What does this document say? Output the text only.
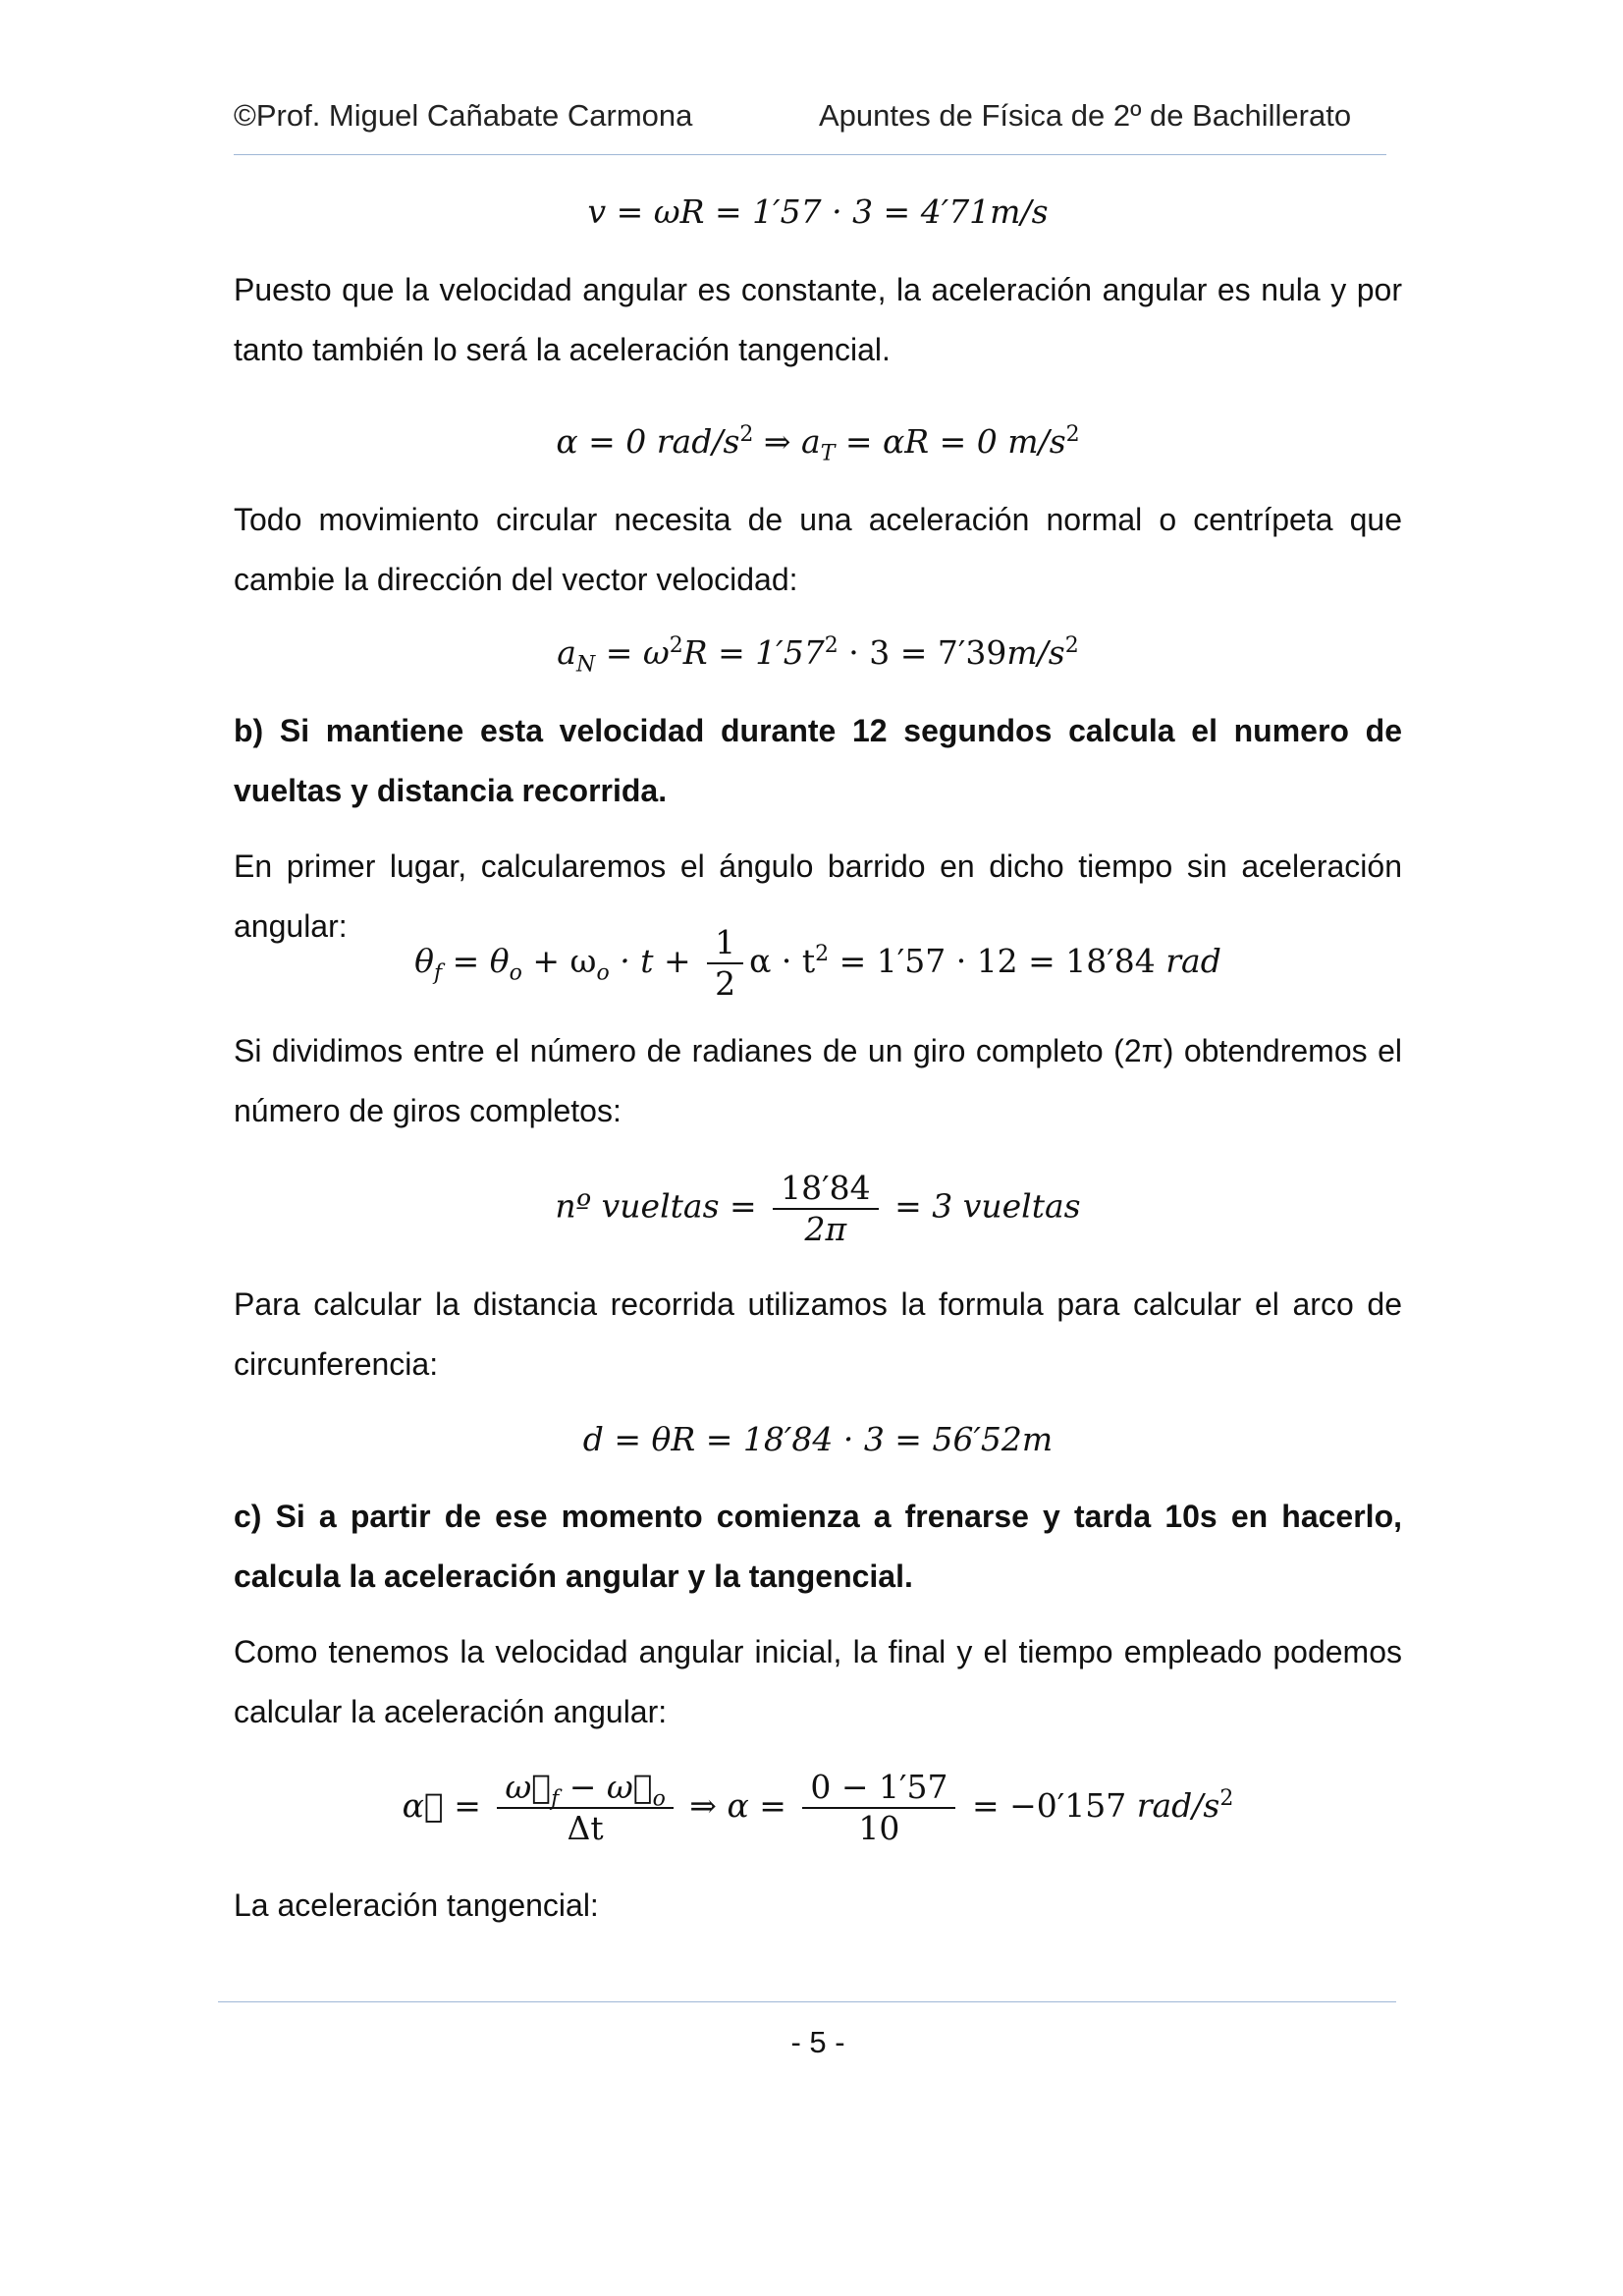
©Prof. Miguel Cañabate Carmona	Apuntes de Física de 2º de Bachillerato
v = ωR = 1′57 · 3 = 4′71m/s
Puesto que la velocidad angular es constante, la aceleración angular es nula y por tanto también lo será la aceleración tangencial.
α = 0 rad/$s^2$ ⇒ $a_T = \alpha R = 0$ $m/s^2$
Todo movimiento circular necesita de una aceleración normal o centrípeta que cambie la dirección del vector velocidad:
$a_N = \omega^2R = 1'57^2 \cdot 3 = 7'39m/s^2$
b) Si mantiene esta velocidad durante 12 segundos calcula el numero de vueltas y distancia recorrida.
En primer lugar, calcularemos el ángulo barrido en dicho tiempo sin aceleración angular:
$\theta_f = \theta_o + \omega_o \cdot t + \frac{1}{2}$ $\alpha \cdot t^2 = 1'57 \cdot 12 = 18'84$ rad
Si dividimos entre el número de radianes de un giro completo (2π) obtendremos el número de giros completos:
nº vueltas = $\frac{18'84}{2\pi} = 3$ vueltas
Para calcular la distancia recorrida utilizamos la formula para calcular el arco de circunferencia:
d = θR = 18′84 · 3 = 56′52m
c) Si a partir de ese momento comienza a frenarse y tarda 10s en hacerlo, calcula la aceleración angular y la tangencial.
Como tenemos la velocidad angular inicial, la final y el tiempo empleado podemos calcular la aceleración angular:
α⃗ = $\frac{\omega⃗_f - \omega⃗_o}{\Delta t}$ ⇒ $\alpha = \frac{0 - 1'57}{10} = -0'157$ rad/$s^2$
La aceleración tangencial:
- 5 -
